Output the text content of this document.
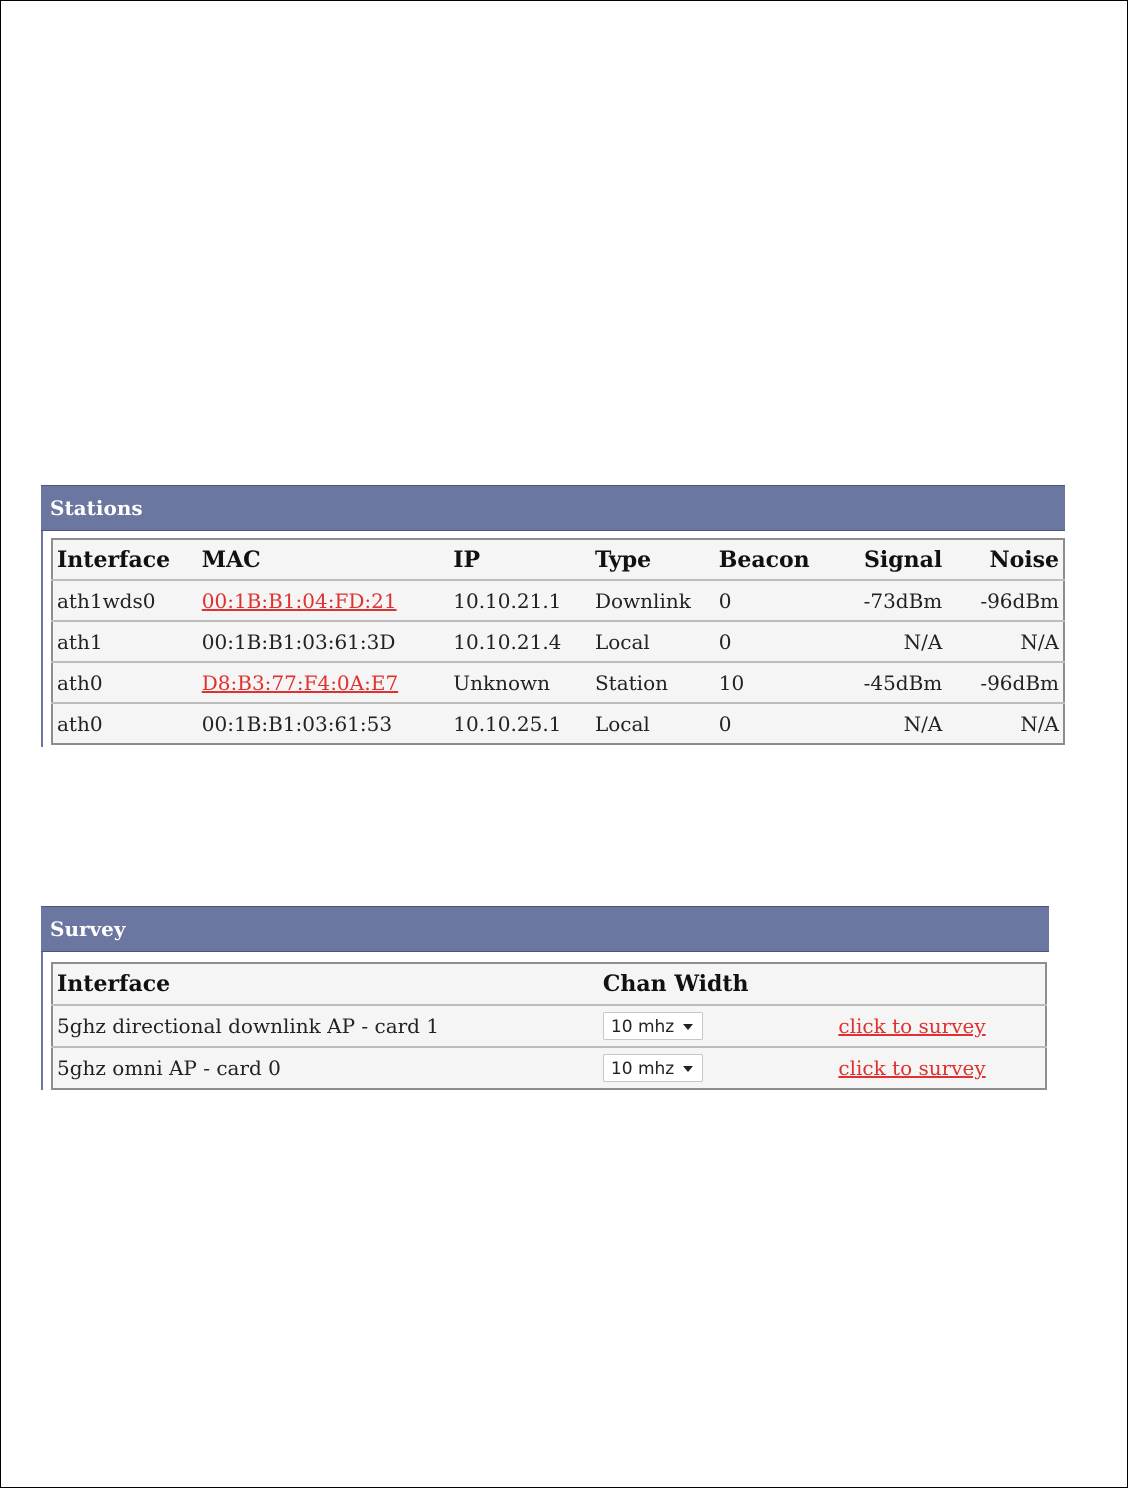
Stations
Interface	MAC	IP	Type	Beacon	Signal	Noise
ath1wds0	00:1B:B1:04:FD:21	10.10.21.1	Downlink	0	-73dBm	-96dBm
ath1	00:1B:B1:03:61:3D	10.10.21.4	Local	0	N/A	N/A
ath0	D8:B3:77:F4:0A:E7	Unknown	Station	10	-45dBm	-96dBm
ath0	00:1B:B1:03:61:53	10.10.25.1	Local	0	N/A	N/A
Survey
Interface	Chan Width	
5ghz directional downlink AP - card 1	10 mhz	click to survey
5ghz omni AP - card 0	10 mhz	click to survey
